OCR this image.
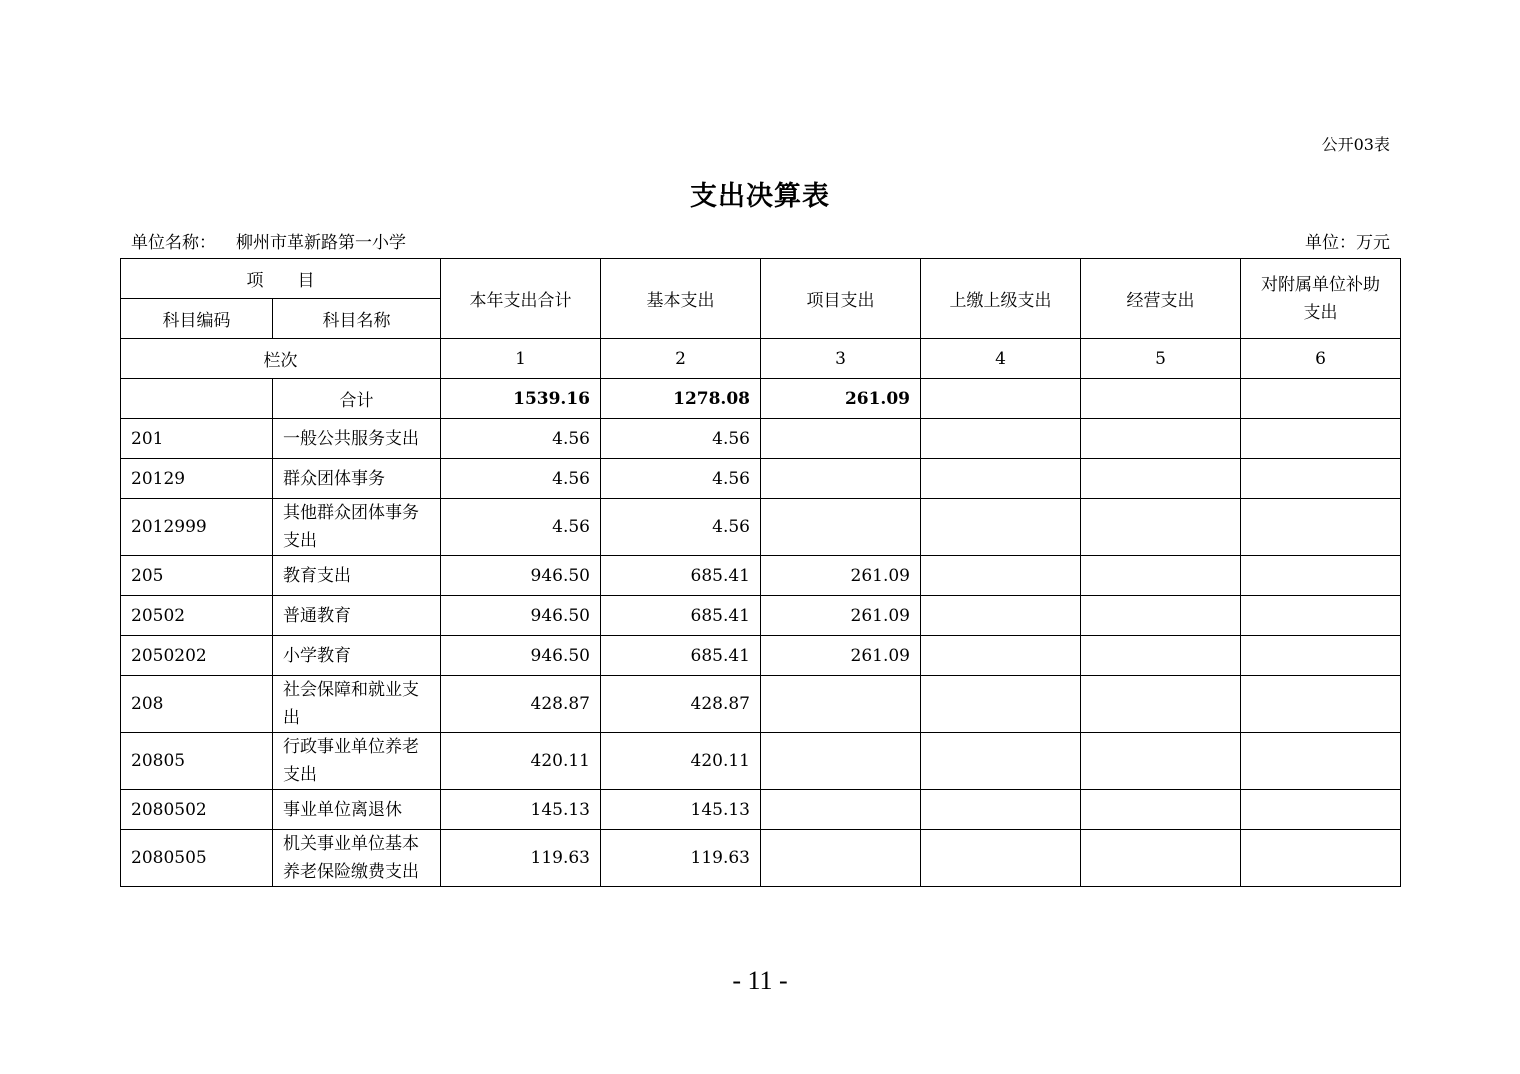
公开03表
支出决算表
单位名称： 柳州市革新路第一小学	单位：万元
项　　目		本年支出合计	基本支出	项目支出	上缴上级支出	经营支出	对附属单位补助支出
科目编码	科目名称						
栏次		1	2	3	4	5	6
	合计	1539.16	1278.08	261.09			
201	一般公共服务支出	4.56	4.56				
20129	群众团体事务	4.56	4.56				
2012999	其他群众团体事务支出	4.56	4.56				
205	教育支出	946.50	685.41	261.09			
20502	普通教育	946.50	685.41	261.09			
2050202	小学教育	946.50	685.41	261.09			
208	社会保障和就业支出	428.87	428.87				
20805	行政事业单位养老支出	420.11	420.11				
2080502	事业单位离退休	145.13	145.13				
2080505	机关事业单位基本养老保险缴费支出	119.63	119.63				
- 11 -
